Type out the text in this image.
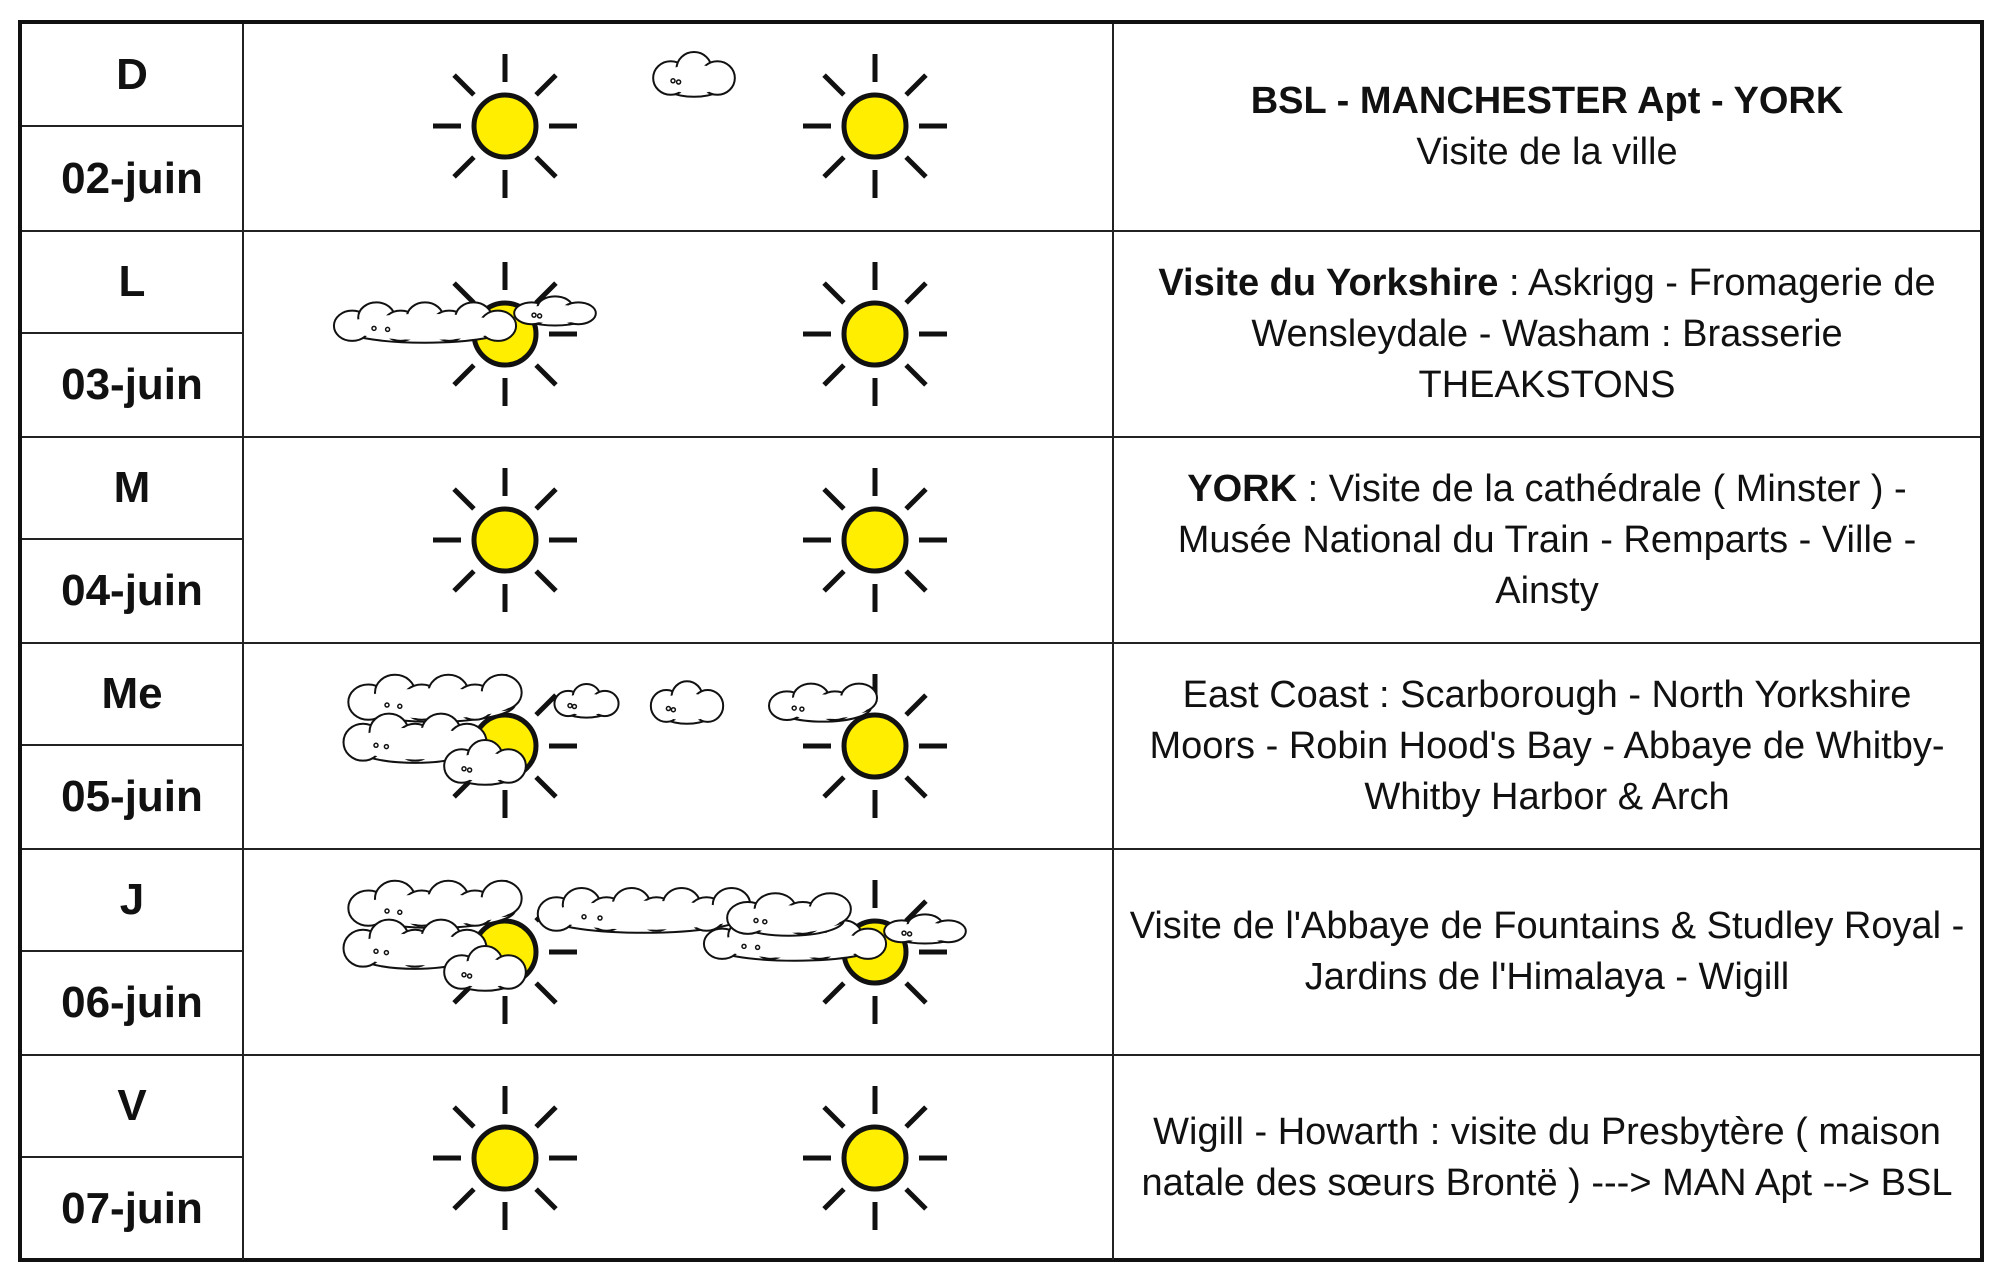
D
02-juin
BSL - MANCHESTER Apt - YORK
Visite de la ville
L
03-juin
Visite du Yorkshire : Askrigg - Fromagerie de
Wensleydale - Washam : Brasserie
THEAKSTONS
M
04-juin
YORK : Visite de la cathédrale ( Minster ) -
Musée National du Train - Remparts - Ville -
Ainsty
Me
05-juin
East Coast : Scarborough - North Yorkshire
Moors - Robin Hood's Bay - Abbaye de Whitby-
Whitby Harbor & Arch
J
06-juin
Visite de l'Abbaye de Fountains & Studley Royal -
Jardins de l'Himalaya - Wigill
V
07-juin
Wigill - Howarth : visite du Presbytère ( maison
natale des sœurs Brontë ) ---> MAN Apt --> BSL
